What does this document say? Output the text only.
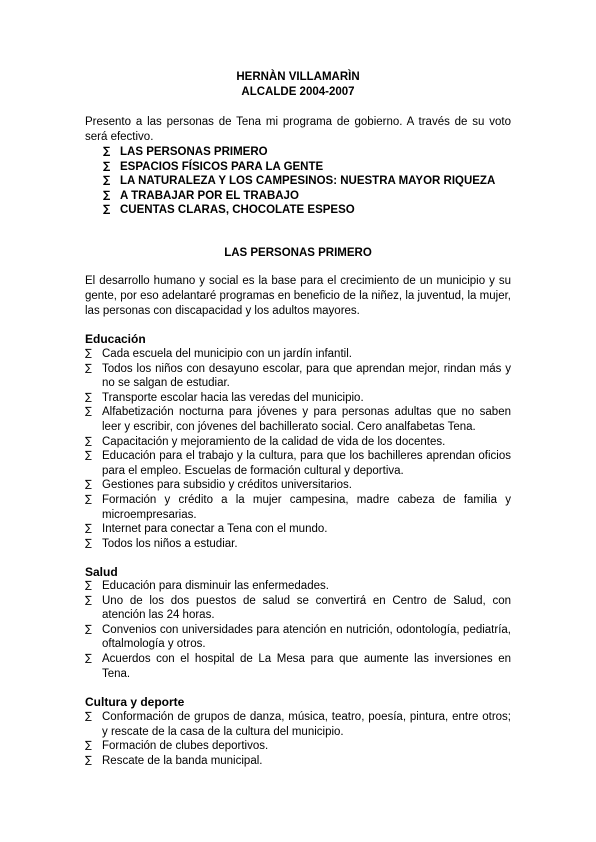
HERNÀN VILLAMARÌN
ALCALDE 2004-2007
Presento a las personas de Tena mi programa de gobierno. A través de su voto será efectivo.
∑ LAS PERSONAS PRIMERO
∑ ESPACIOS FÍSICOS PARA LA GENTE
∑ LA NATURALEZA Y LOS CAMPESINOS: NUESTRA MAYOR RIQUEZA
∑ A TRABAJAR POR EL TRABAJO
∑ CUENTAS CLARAS, CHOCOLATE ESPESO
LAS PERSONAS PRIMERO
El desarrollo humano y social es la base para el crecimiento de un municipio y su gente, por eso adelantaré programas en beneficio de la niñez, la juventud, la mujer, las personas con discapacidad y los adultos mayores.
Educación
∑ Cada escuela del municipio con un jardín infantil.
∑ Todos los niños con desayuno escolar, para que aprendan mejor, rindan más y no se salgan de estudiar.
∑ Transporte escolar hacia las veredas del municipio.
∑ Alfabetización nocturna para jóvenes y para personas adultas que no saben leer y escribir, con jóvenes del bachillerato social. Cero analfabetas Tena.
∑ Capacitación y mejoramiento de la calidad de vida de los docentes.
∑ Educación para el trabajo y la cultura, para que los bachilleres aprendan oficios para el empleo. Escuelas de formación cultural y deportiva.
∑ Gestiones para subsidio y créditos universitarios.
∑ Formación y crédito a la mujer campesina, madre cabeza de familia y microempresarias.
∑ Internet para conectar a Tena con el mundo.
∑ Todos los niños a estudiar.
Salud
∑ Educación para disminuir las enfermedades.
∑ Uno de los dos puestos de salud se convertirá en Centro de Salud, con atención las 24 horas.
∑ Convenios con universidades para atención en nutrición, odontología, pediatría, oftalmología y otros.
∑ Acuerdos con el hospital de La Mesa para que aumente las inversiones en Tena.
Cultura y deporte
∑ Conformación de grupos de danza, música, teatro, poesía, pintura, entre otros; y rescate de la casa de la cultura del municipio.
∑ Formación de clubes deportivos.
∑ Rescate de la banda municipal.
